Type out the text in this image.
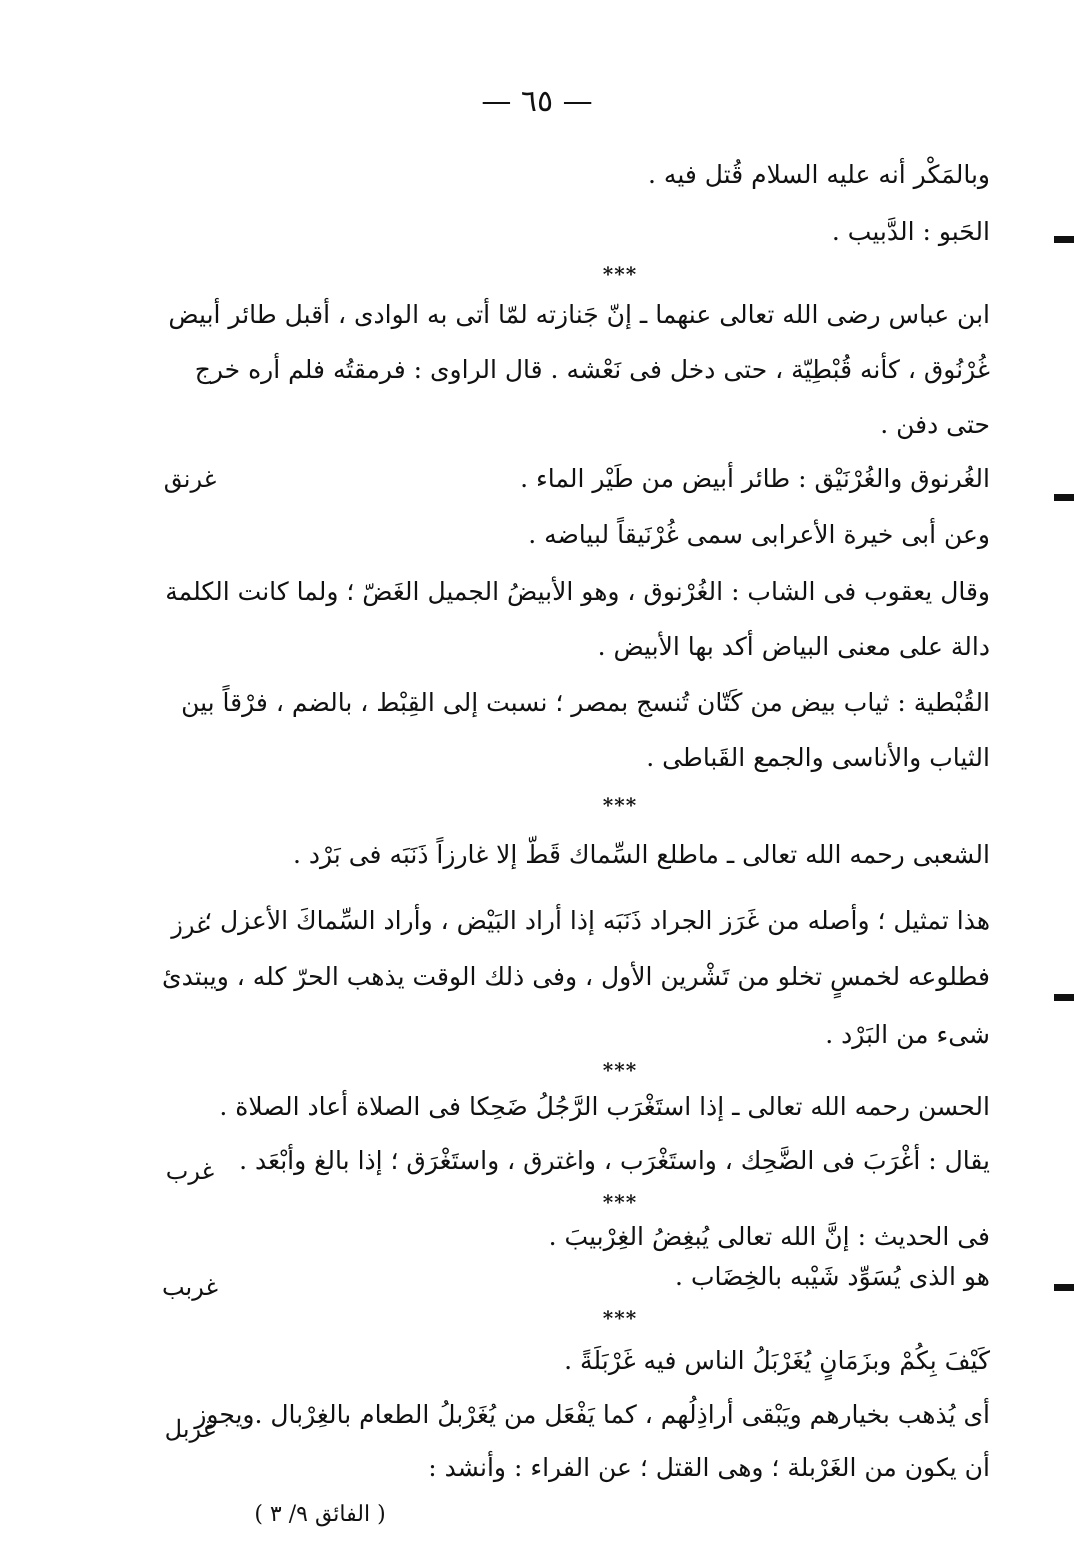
— ٦٥ —
وبالمَكْر أنه عليه السلام قُتل فيه .
الحَبو : الدَّبيب .
***
ابن عباس رضى الله تعالى عنهما ـ إنّ جَنازته لمّا أتى به الوادى ، أقبل طائر أبيض
غُرْنُوق ، كأنه قُبْطِيّة ، حتى دخل فى نَعْشه . قال الراوى : فرمقتُه فلم أره خرج
حتى دفن .
الغُرنوق والغُرْنَيْق : طائر أبيض من طَيْر الماء .
غرنق
وعن أبى خيرة الأعرابى سمى غُرْنَيقاً لبياضه .
وقال يعقوب فى الشاب : الغُرْنوق ، وهو الأبيضُ الجميل الغَضّ ؛ ولما كانت الكلمة
دالة على معنى البياض أكد بها الأبيض .
القُبْطية : ثياب بيض من كَتّان تُنسج بمصر ؛ نسبت إلى القِبْط ، بالضم ، فرْقاً بين
الثياب والأناسى والجمع القَباطى .
***
الشعبى رحمه الله تعالى ـ ماطلع السِّماك قَطّ إلا غارزاً ذَنَبَه فى بَرْد .
هذا تمثيل ؛ وأصله من غَرَز الجراد ذَنَبَه إذا أراد البَيْض ، وأراد السِّماكَ الأعزل ؛
غرز
فطلوعه لخمسٍ تخلو من تَشْرين الأول ، وفى ذلك الوقت يذهب الحرّ كله ، ويبتدئ
شىء من البَرْد .
***
الحسن رحمه الله تعالى ـ إذا استَغْرَب الرَّجُلُ ضَحِكا فى الصلاة أعاد الصلاة .
يقال : أغْرَبَ فى الضَّحِك ، واستَغْرَب ، واغترق ، واستَغْرَق ؛ إذا بالغ وأبْعَد .
غرب
***
فى الحديث : إنَّ الله تعالى يُبغِضُ الغِرْبيبَ .
هو الذى يُسَوِّد شَيْبه بالخِضَاب .
غربب
***
كَيْفَ بِكُمْ وبزَمَانٍ يُغَرْبَلُ الناس فيه غَرْبَلَةً .
أى يُذهب بخيارهم ويَبْقى أراذِلُهم ، كما يَفْعَل من يُغَرْبلُ الطعام بالغِرْبال .ويجوز
غربل
أن يكون من الغَرْبلة ؛ وهى القتل ؛ عن الفراء : وأنشد :
( الفائق ٩/ ٣ )
